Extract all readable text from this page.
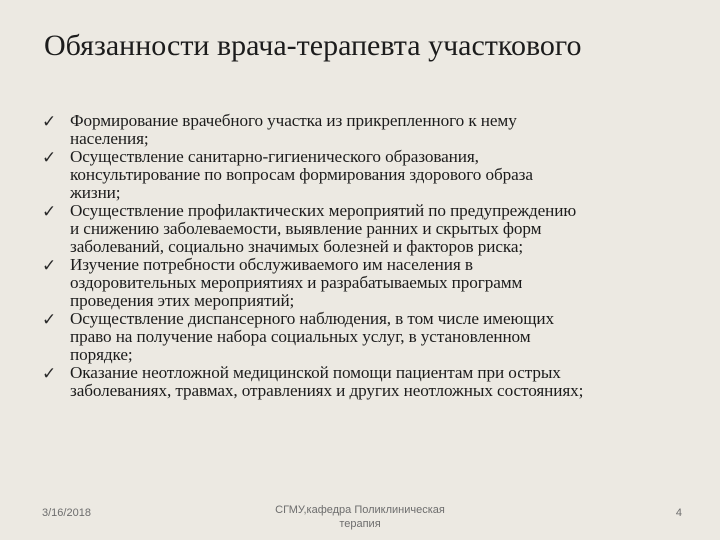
Обязанности врача-терапевта участкового
✓ Формирование врачебного участка из прикрепленного к нему
населения;
✓ Осуществление санитарно-гигиенического образования,
консультирование по вопросам формирования здорового образа
жизни;
✓ Осуществление профилактических мероприятий по предупреждению
и снижению заболеваемости, выявление ранних и скрытых форм
заболеваний, социально значимых болезней и факторов риска;
✓ Изучение потребности обслуживаемого им населения в
оздоровительных мероприятиях и разрабатываемых программ
проведения этих мероприятий;
✓ Осуществление диспансерного наблюдения, в том числе имеющих
право на получение набора социальных услуг, в установленном
порядке;
✓ Оказание неотложной медицинской помощи пациентам при острых
заболеваниях, травмах, отравлениях и других неотложных состояниях;
3/16/2018	СГМУ,кафедра Поликлиническая
терапия
4
